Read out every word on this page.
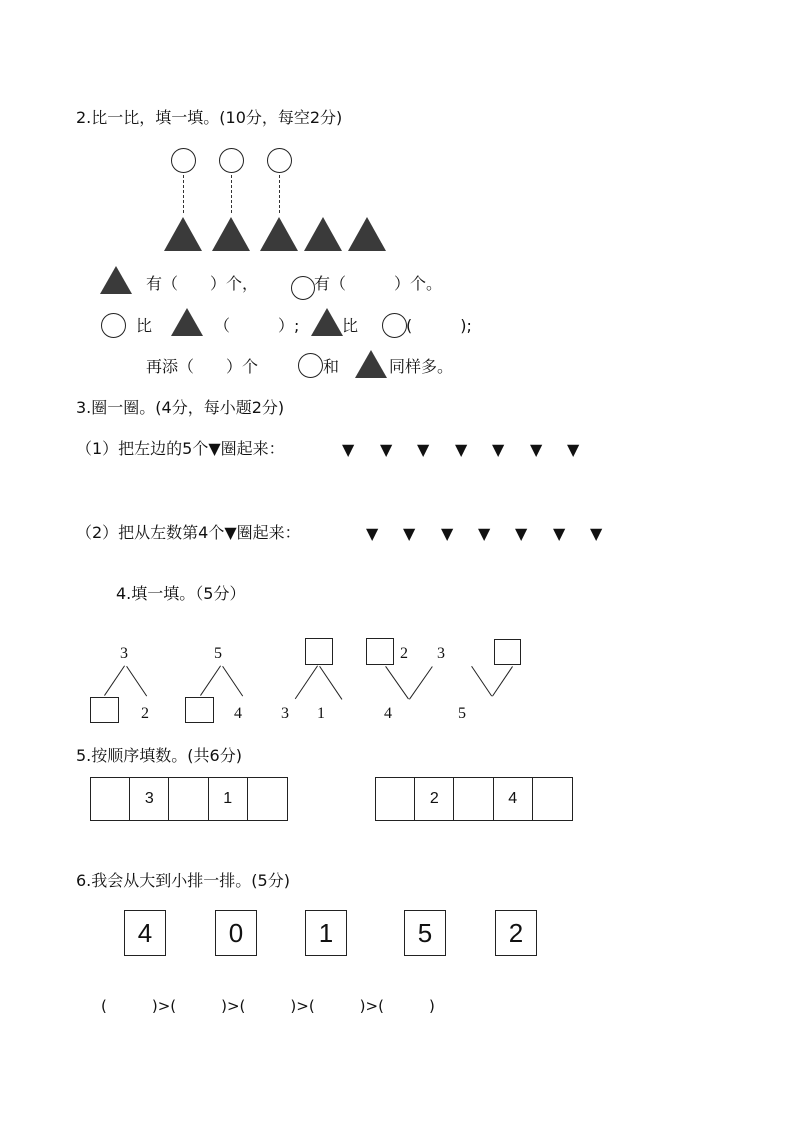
2.比一比，填一填。(10分，每空2分)
有（　　）个，	有（　　　）个。
比	（　　　）;	比	(　　　);
再添（　　）个	和	同样多。
3.圈一圈。(4分，每小题2分)
（1）把左边的5个▼圈起来：	▼ ▼ ▼ ▼ ▼ ▼ ▼
（2）把从左数第4个▼圈起来：	▼ ▼ ▼ ▼ ▼ ▼ ▼
4.填一填。（5分）
3
2
5
4 3 1
2
4
3
5
5.按顺序填数。(共6分)
3	1	2	4
6.我会从大到小排一排。(5分)
4	0	1	5	2
(　　　)>(　　　)>(　　　)>(　　　)>(　　　)
